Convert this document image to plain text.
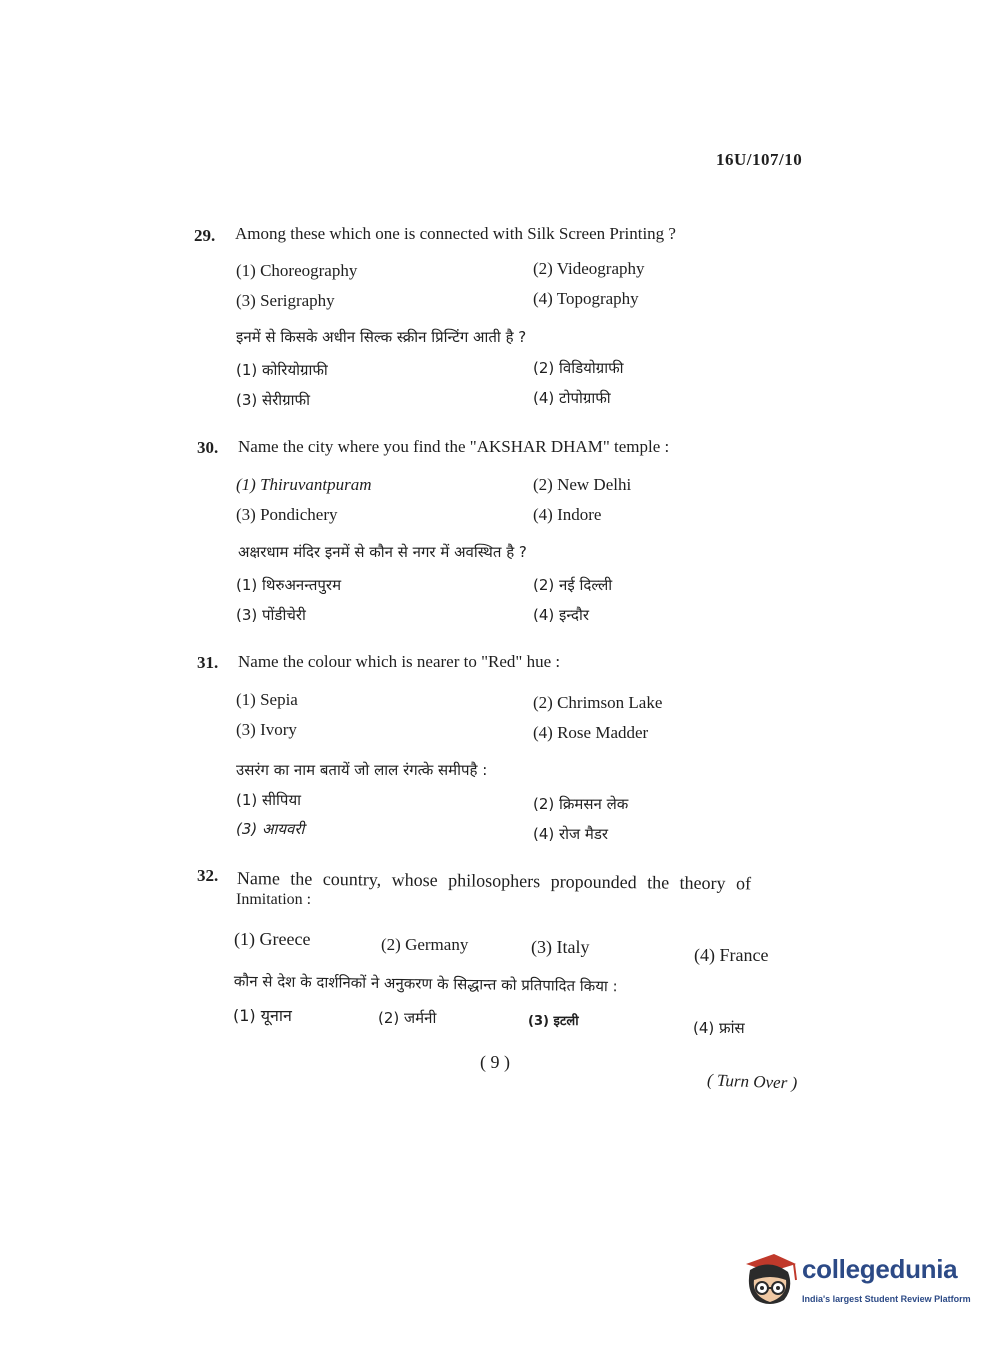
16U/107/10
29. Among these which one is connected with Silk Screen Printing ?
(1) Choreography	(2) Videography
(3) Serigraphy	(4) Topography
इनमें से किसके अधीन सिल्क स्क्रीन प्रिन्टिंग आती है ?
(1) कोरियोग्राफी	(2) विडियोग्राफी
(3) सेरीग्राफी	(4) टोपोग्राफी
30. Name the city where you find the "AKSHAR DHAM" temple :
(1) Thiruvantpuram	(2) New Delhi
(3) Pondichery	(4) Indore
अक्षरधाम मंदिर इनमें से कौन से नगर में अवस्थित है ?
(1) थिरुअनन्तपुरम	(2) नई दिल्ली
(3) पोंडीचेरी	(4) इन्दौर
31. Name the colour which is nearer to "Red" hue :
(1) Sepia	(2) Chrimson Lake
(3) Ivory	(4) Rose Madder
उसरंग का नाम बतायें जो लाल रंगत्के समीपहै :
(1) सीपिया	(2) क्रिमसन लेक
(3) आयवरी	(4) रोज मैडर
32. Name the country, whose philosophers propounded the theory of
Inmitation :
(1) Greece	(2) Germany	(3) Italy	(4) France
कौन से देश के दार्शनिकों ने अनुकरण के सिद्धान्त को प्रतिपादित किया :
(1) यूनान	(2) जर्मनी	(3) इटली	(4) फ्रांस
( 9 )
( Turn Over )
collegedunia
India's largest Student Review Platform
